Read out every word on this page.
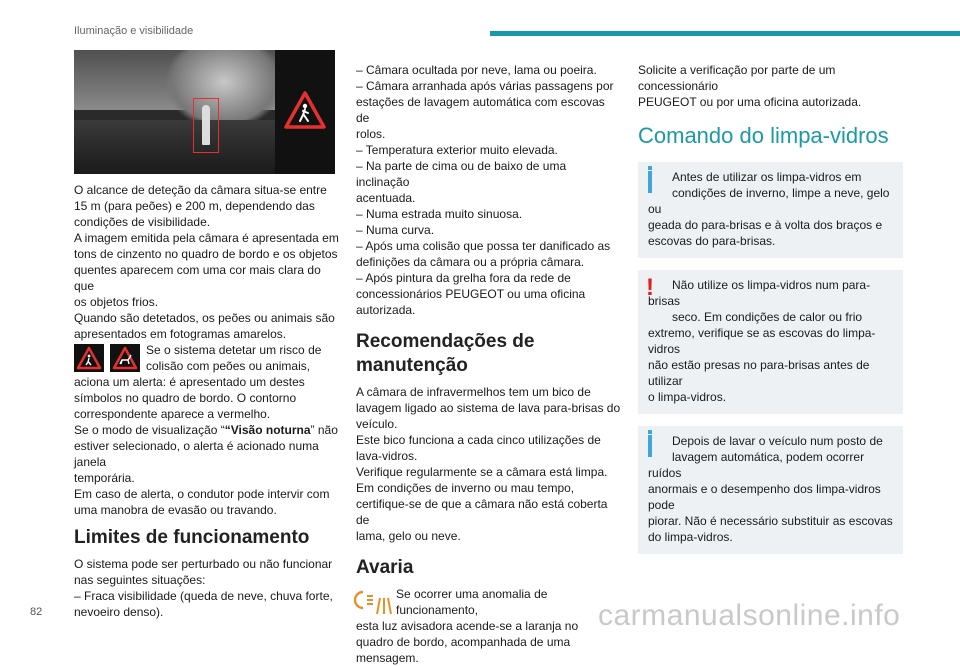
Iluminação e visibilidade
O alcance de deteção da câmara situa-se entre
15 m (para peões) e 200 m, dependendo das
condições de visibilidade.
A imagem emitida pela câmara é apresentada em
tons de cinzento no quadro de bordo e os objetos
quentes aparecem com uma cor mais clara do que
os objetos frios.
Quando são detetados, os peões ou animais são
apresentados em fotogramas amarelos.
Se o sistema detetar um risco de
colisão com peões ou animais,
aciona um alerta: é apresentado um destes
símbolos no quadro de bordo. O contorno
correspondente aparece a vermelho.
Se o modo de visualização ““Visão noturna” não
estiver selecionado, o alerta é acionado numa janela
temporária.
Em caso de alerta, o condutor pode intervir com
uma manobra de evasão ou travando.
Limites de funcionamento
O sistema pode ser perturbado ou não funcionar
nas seguintes situações:
– Fraca visibilidade (queda de neve, chuva forte,
nevoeiro denso).
– Câmara ocultada por neve, lama ou poeira.
– Câmara arranhada após várias passagens por
estações de lavagem automática com escovas de
rolos.
– Temperatura exterior muito elevada.
– Na parte de cima ou de baixo de uma inclinação
acentuada.
– Numa estrada muito sinuosa.
– Numa curva.
– Após uma colisão que possa ter danificado as
definições da câmara ou a própria câmara.
– Após pintura da grelha fora da rede de
concessionários PEUGEOT ou uma oficina
autorizada.
Recomendações de
manutenção
A câmara de infravermelhos tem um bico de
lavagem ligado ao sistema de lava para-brisas do
veículo.
Este bico funciona a cada cinco utilizações de
lava-vidros.
Verifique regularmente se a câmara está limpa.
Em condições de inverno ou mau tempo,
certifique-se de que a câmara não está coberta de
lama, gelo ou neve.
Avaria
Se ocorrer uma anomalia de funcionamento,
esta luz avisadora acende-se a laranja no
quadro de bordo, acompanhada de uma mensagem.
Solicite a verificação por parte de um concessionário
PEUGEOT ou por uma oficina autorizada.
Comando do limpa-vidros
Antes de utilizar os limpa-vidros em
condições de inverno, limpe a neve, gelo ou
geada do para-brisas e à volta dos braços e
escovas do para-brisas.
!	Não utilize os limpa-vidros num para-brisas
seco. Em condições de calor ou frio
extremo, verifique se as escovas do limpa-vidros
não estão presas no para-brisas antes de utilizar
o limpa-vidros.
Depois de lavar o veículo num posto de
lavagem automática, podem ocorrer ruídos
anormais e o desempenho dos limpa-vidros pode
piorar. Não é necessário substituir as escovas
do limpa-vidros.
82	carmanualsonline.info
